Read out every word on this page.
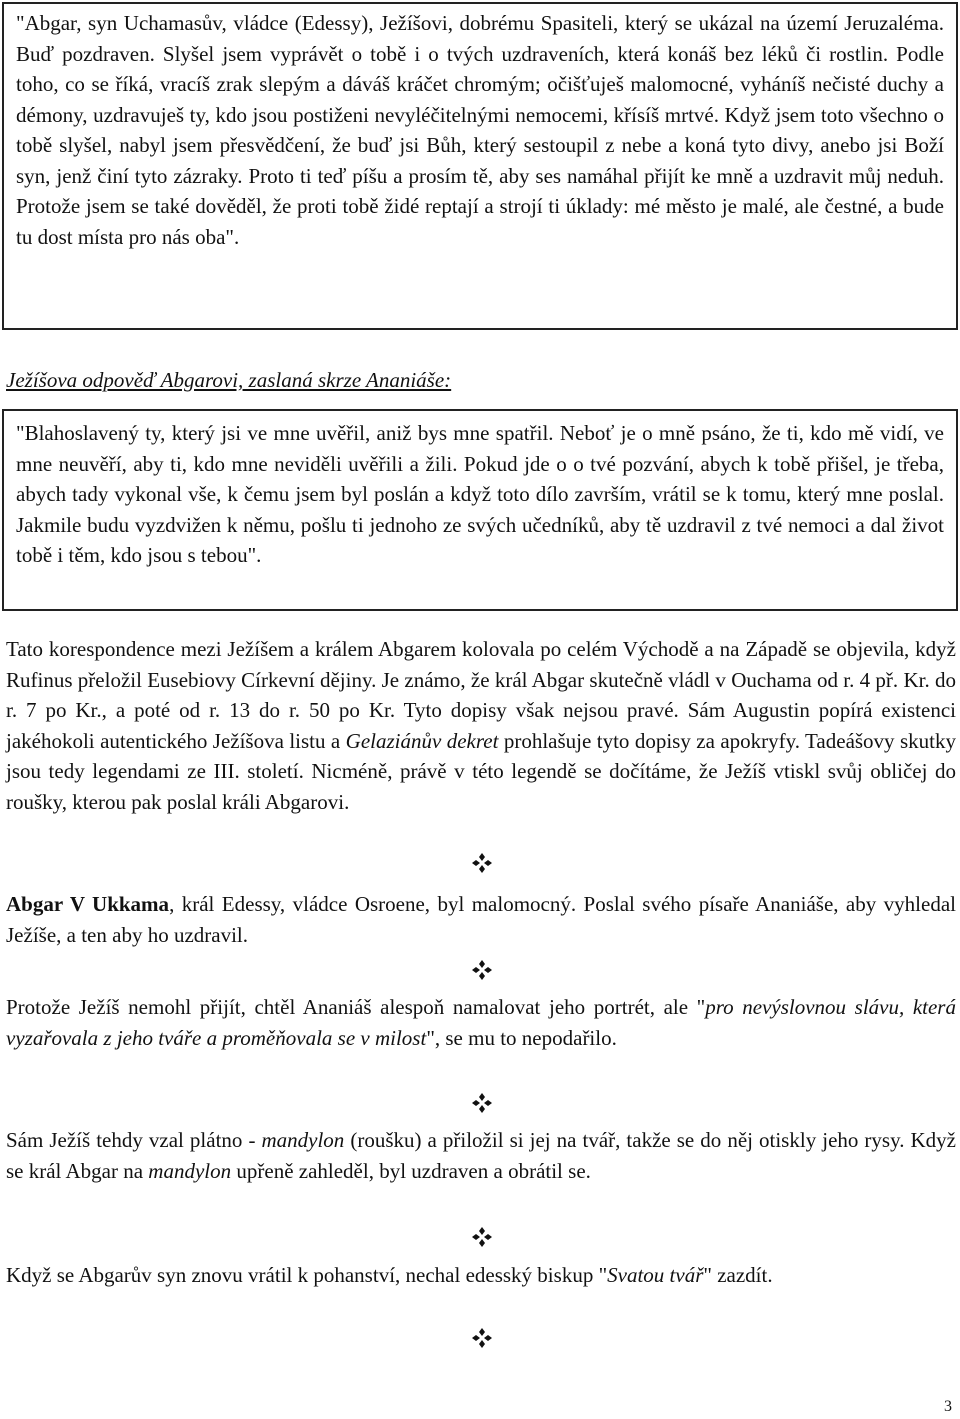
"Abgar, syn Uchamasův, vládce (Edessy), Ježíšovi, dobrému Spasiteli, který se ukázal na území Jeruzaléma. Buď pozdraven. Slyšel jsem vyprávět o tobě i o tvých uzdraveních, která konáš bez léků či rostlin. Podle toho, co se říká, vracíš zrak slepým a dáváš kráčet chromým; očišťuješ malomocné, vyháníš nečisté duchy a démony, uzdravuješ ty, kdo jsou postiženi nevyléčitelnými nemocemi, křísíš mrtvé. Když jsem toto všechno o tobě slyšel, nabyl jsem přesvědčení, že buď jsi Bůh, který sestoupil z nebe a koná tyto divy, anebo jsi Boží syn, jenž činí tyto zázraky. Proto ti teď píšu a prosím tě, aby ses namáhal přijít ke mně a uzdravit můj neduh. Protože jsem se také dověděl, že proti tobě židé reptají a strojí ti úklady: mé město je malé, ale čestné, a bude tu dost místa pro nás oba".
Ježíšova odpověď Abgarovi, zaslaná skrze Ananiáše:
"Blahoslavený ty, který jsi ve mne uvěřil, aniž bys mne spatřil. Neboť je o mně psáno, že ti, kdo mě vidí, ve mne neuvěří, aby ti, kdo mne neviděli uvěřili a žili. Pokud jde o o tvé pozvání, abych k tobě přišel, je třeba, abych tady vykonal vše, k čemu jsem byl poslán a když toto dílo završím, vrátil se k tomu, který mne poslal. Jakmile budu vyzdvižen k němu, pošlu ti jednoho ze svých učedníků, aby tě uzdravil z tvé nemoci a dal život tobě i těm, kdo jsou s tebou".

Tato korespondence mezi Ježíšem a králem Abgarem kolovala po celém Východě a na Západě se objevila, když Rufinus přeložil Eusebiovy Církevní dějiny. Je známo, že král Abgar skutečně vládl v Ouchama od r. 4 př. Kr. do r. 7 po Kr., a poté od r. 13 do r. 50 po Kr. Tyto dopisy však nejsou pravé. Sám Augustin popírá existenci jakéhokoli autentického Ježíšova listu a Gelaziánův dekret prohlašuje tyto dopisy za apokryfy. Tadeášovy skutky jsou tedy legendami ze III. století. Nicméně, právě v této legendě se dočítáme, že Ježíš vtiskl svůj obličej do roušky, kterou pak poslal králi Abgarovi.

Abgar V Ukkama, král Edessy, vládce Osroene, byl malomocný. Poslal svého písaře Ananiáše, aby vyhledal Ježíše, a ten aby ho uzdravil.

Protože Ježíš nemohl přijít, chtěl Ananiáš alespoň namalovat jeho portrét, ale "pro nevýslovnou slávu, která vyzařovala z jeho tváře a proměňovala se v milost", se mu to nepodařilo.

Sám Ježíš tehdy vzal plátno - mandylon (roušku) a přiložil si jej na tvář, takže se do něj otiskly jeho rysy. Když se král Abgar na mandylon upřeně zahleděl, byl uzdraven a obrátil se.

Když se Abgarův syn znovu vrátil k pohanství, nechal edesský biskup "Svatou tvář" zazdít.

3
